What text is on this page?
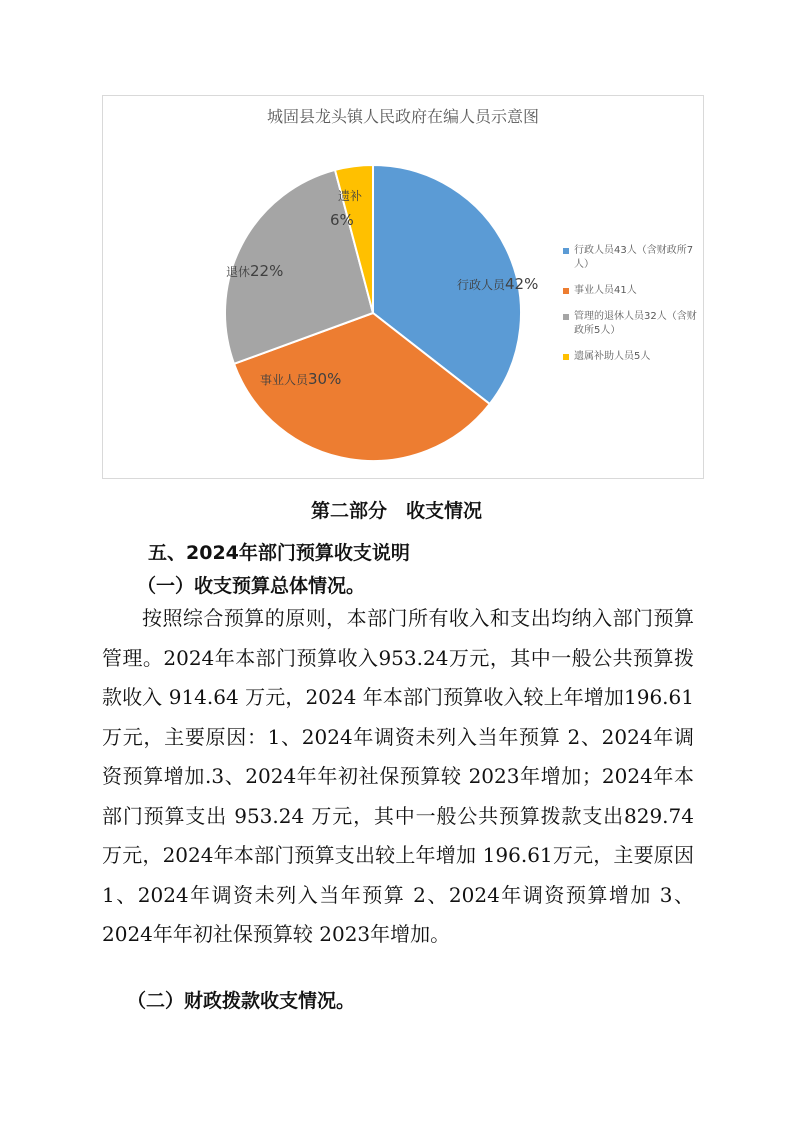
城固县龙头镇人民政府在编人员示意图
行政人员42%
事业人员30%
退休22%
遗补 6%
行政人员43人（含财政所7人）
事业人员41人
管理的退休人员32人（含财政所5人）
遗属补助人员5人
第二部分　收支情况
五、2024年部门预算收支说明
（一）收支预算总体情况。
按照综合预算的原则，本部门所有收入和支出均纳入部门预算管理。2024年本部门预算收入953.24万元，其中一般公共预算拨款收入 914.64 万元，2024 年本部门预算收入较上年增加196.61万元，主要原因：1、2024年调资未列入当年预算 2、2024年调资预算增加.3、2024年年初社保预算较 2023年增加；2024年本部门预算支出 953.24 万元，其中一般公共预算拨款支出829.74万元，2024年本部门预算支出较上年增加 196.61万元，主要原因1、2024年调资未列入当年预算 2、2024年调资预算增加 3、2024年年初社保预算较 2023年增加。
（二）财政拨款收支情况。
